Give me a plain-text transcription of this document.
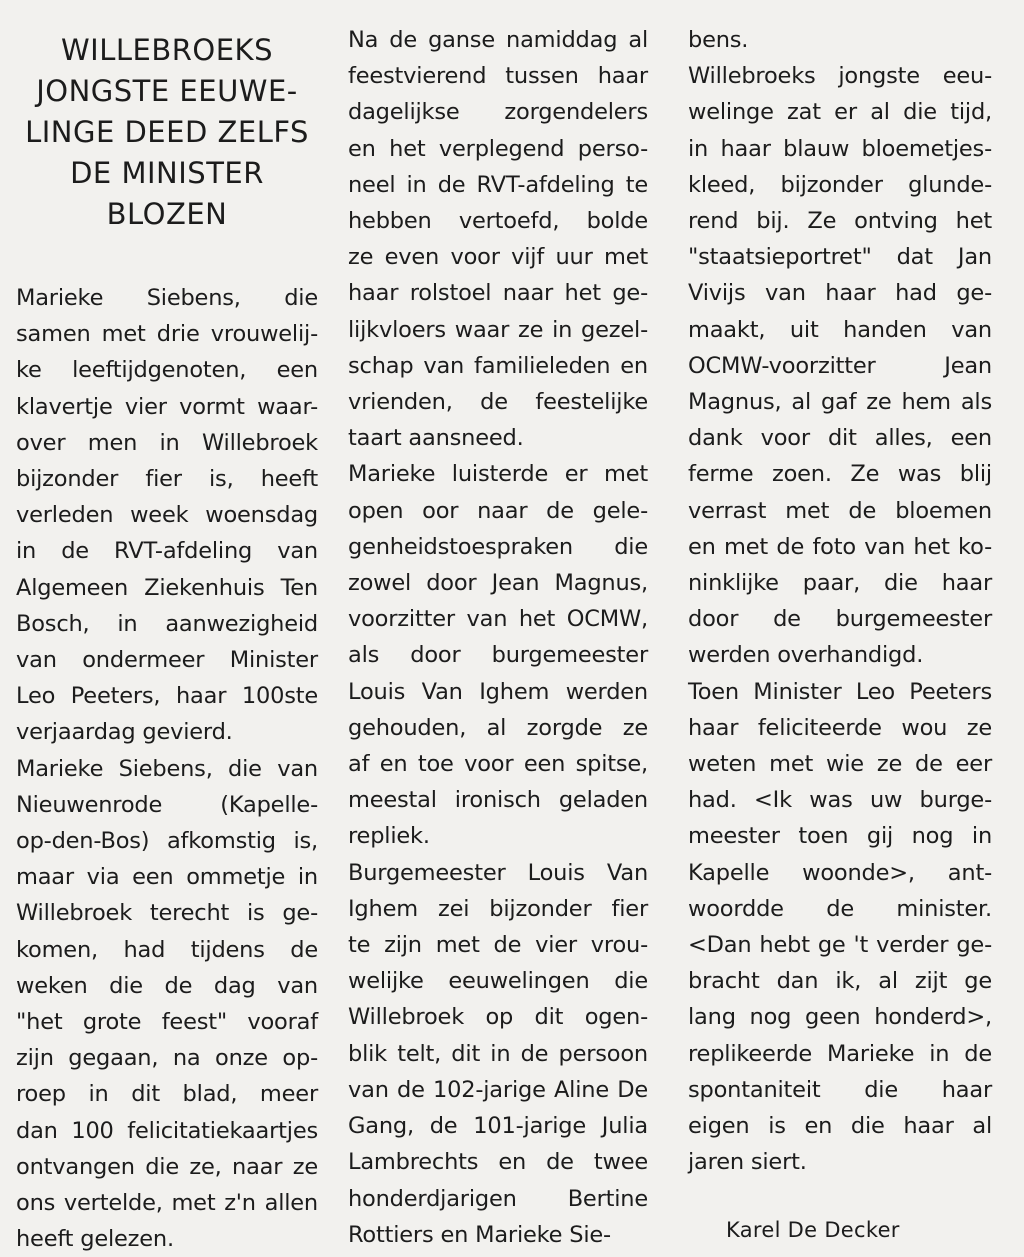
WILLEBROEKS
JONGSTE EEUWE-
LINGE DEED ZELFS
DE MINISTER
BLOZEN

Marieke Siebens, die
samen met drie vrouwelij-
ke leeftijdgenoten, een
klavertje vier vormt waar-
over men in Willebroek
bijzonder fier is, heeft
verleden week woensdag
in de RVT-afdeling van
Algemeen Ziekenhuis Ten
Bosch, in aanwezigheid
van ondermeer Minister
Leo Peeters, haar 100ste
verjaardag gevierd.

Marieke Siebens, die van
Nieuwenrode (Kapelle-
op-den-Bos) afkomstig is,
maar via een ommetje in
Willebroek terecht is ge-
komen, had tijdens de
weken die de dag van
"het grote feest" vooraf
zijn gegaan, na onze op-
roep in dit blad, meer
dan 100 felicitatiekaartjes
ontvangen die ze, naar ze
ons vertelde, met z'n allen
heeft gelezen.

Na de ganse namiddag al
feestvierend tussen haar
dagelijkse zorgendelers
en het verplegend perso-
neel in de RVT-afdeling te
hebben vertoefd, bolde
ze even voor vijf uur met
haar rolstoel naar het ge-
lijkvloers waar ze in gezel-
schap van familieleden en
vrienden, de feestelijke
taart aansneed.

Marieke luisterde er met
open oor naar de gele-
genheidstoespraken die
zowel door Jean Magnus,
voorzitter van het OCMW,
als door burgemeester
Louis Van Ighem werden
gehouden, al zorgde ze
af en toe voor een spitse,
meestal ironisch geladen
repliek.

Burgemeester Louis Van
Ighem zei bijzonder fier
te zijn met de vier vrou-
welijke eeuwelingen die
Willebroek op dit ogen-
blik telt, dit in de persoon
van de 102-jarige Aline De
Gang, de 101-jarige Julia
Lambrechts en de twee
honderdjarigen Bertine
Rottiers en Marieke Sie-

bens.

Willebroeks jongste eeu-
welinge zat er al die tijd,
in haar blauw bloemetjes-
kleed, bijzonder glunde-
rend bij. Ze ontving het
"staatsieportret" dat Jan
Vivijs van haar had ge-
maakt, uit handen van
OCMW-voorzitter Jean
Magnus, al gaf ze hem als
dank voor dit alles, een
ferme zoen. Ze was blij
verrast met de bloemen
en met de foto van het ko-
ninklijke paar, die haar
door de burgemeester
werden overhandigd.

Toen Minister Leo Peeters
haar feliciteerde wou ze
weten met wie ze de eer
had. <Ik was uw burge-
meester toen gij nog in
Kapelle woonde>, ant-
woordde de minister.
<Dan hebt ge 't verder ge-
bracht dan ik, al zijt ge
lang nog geen honderd>,
replikeerde Marieke in de
spontaniteit die haar
eigen is en die haar al
jaren siert.

Karel De Decker
